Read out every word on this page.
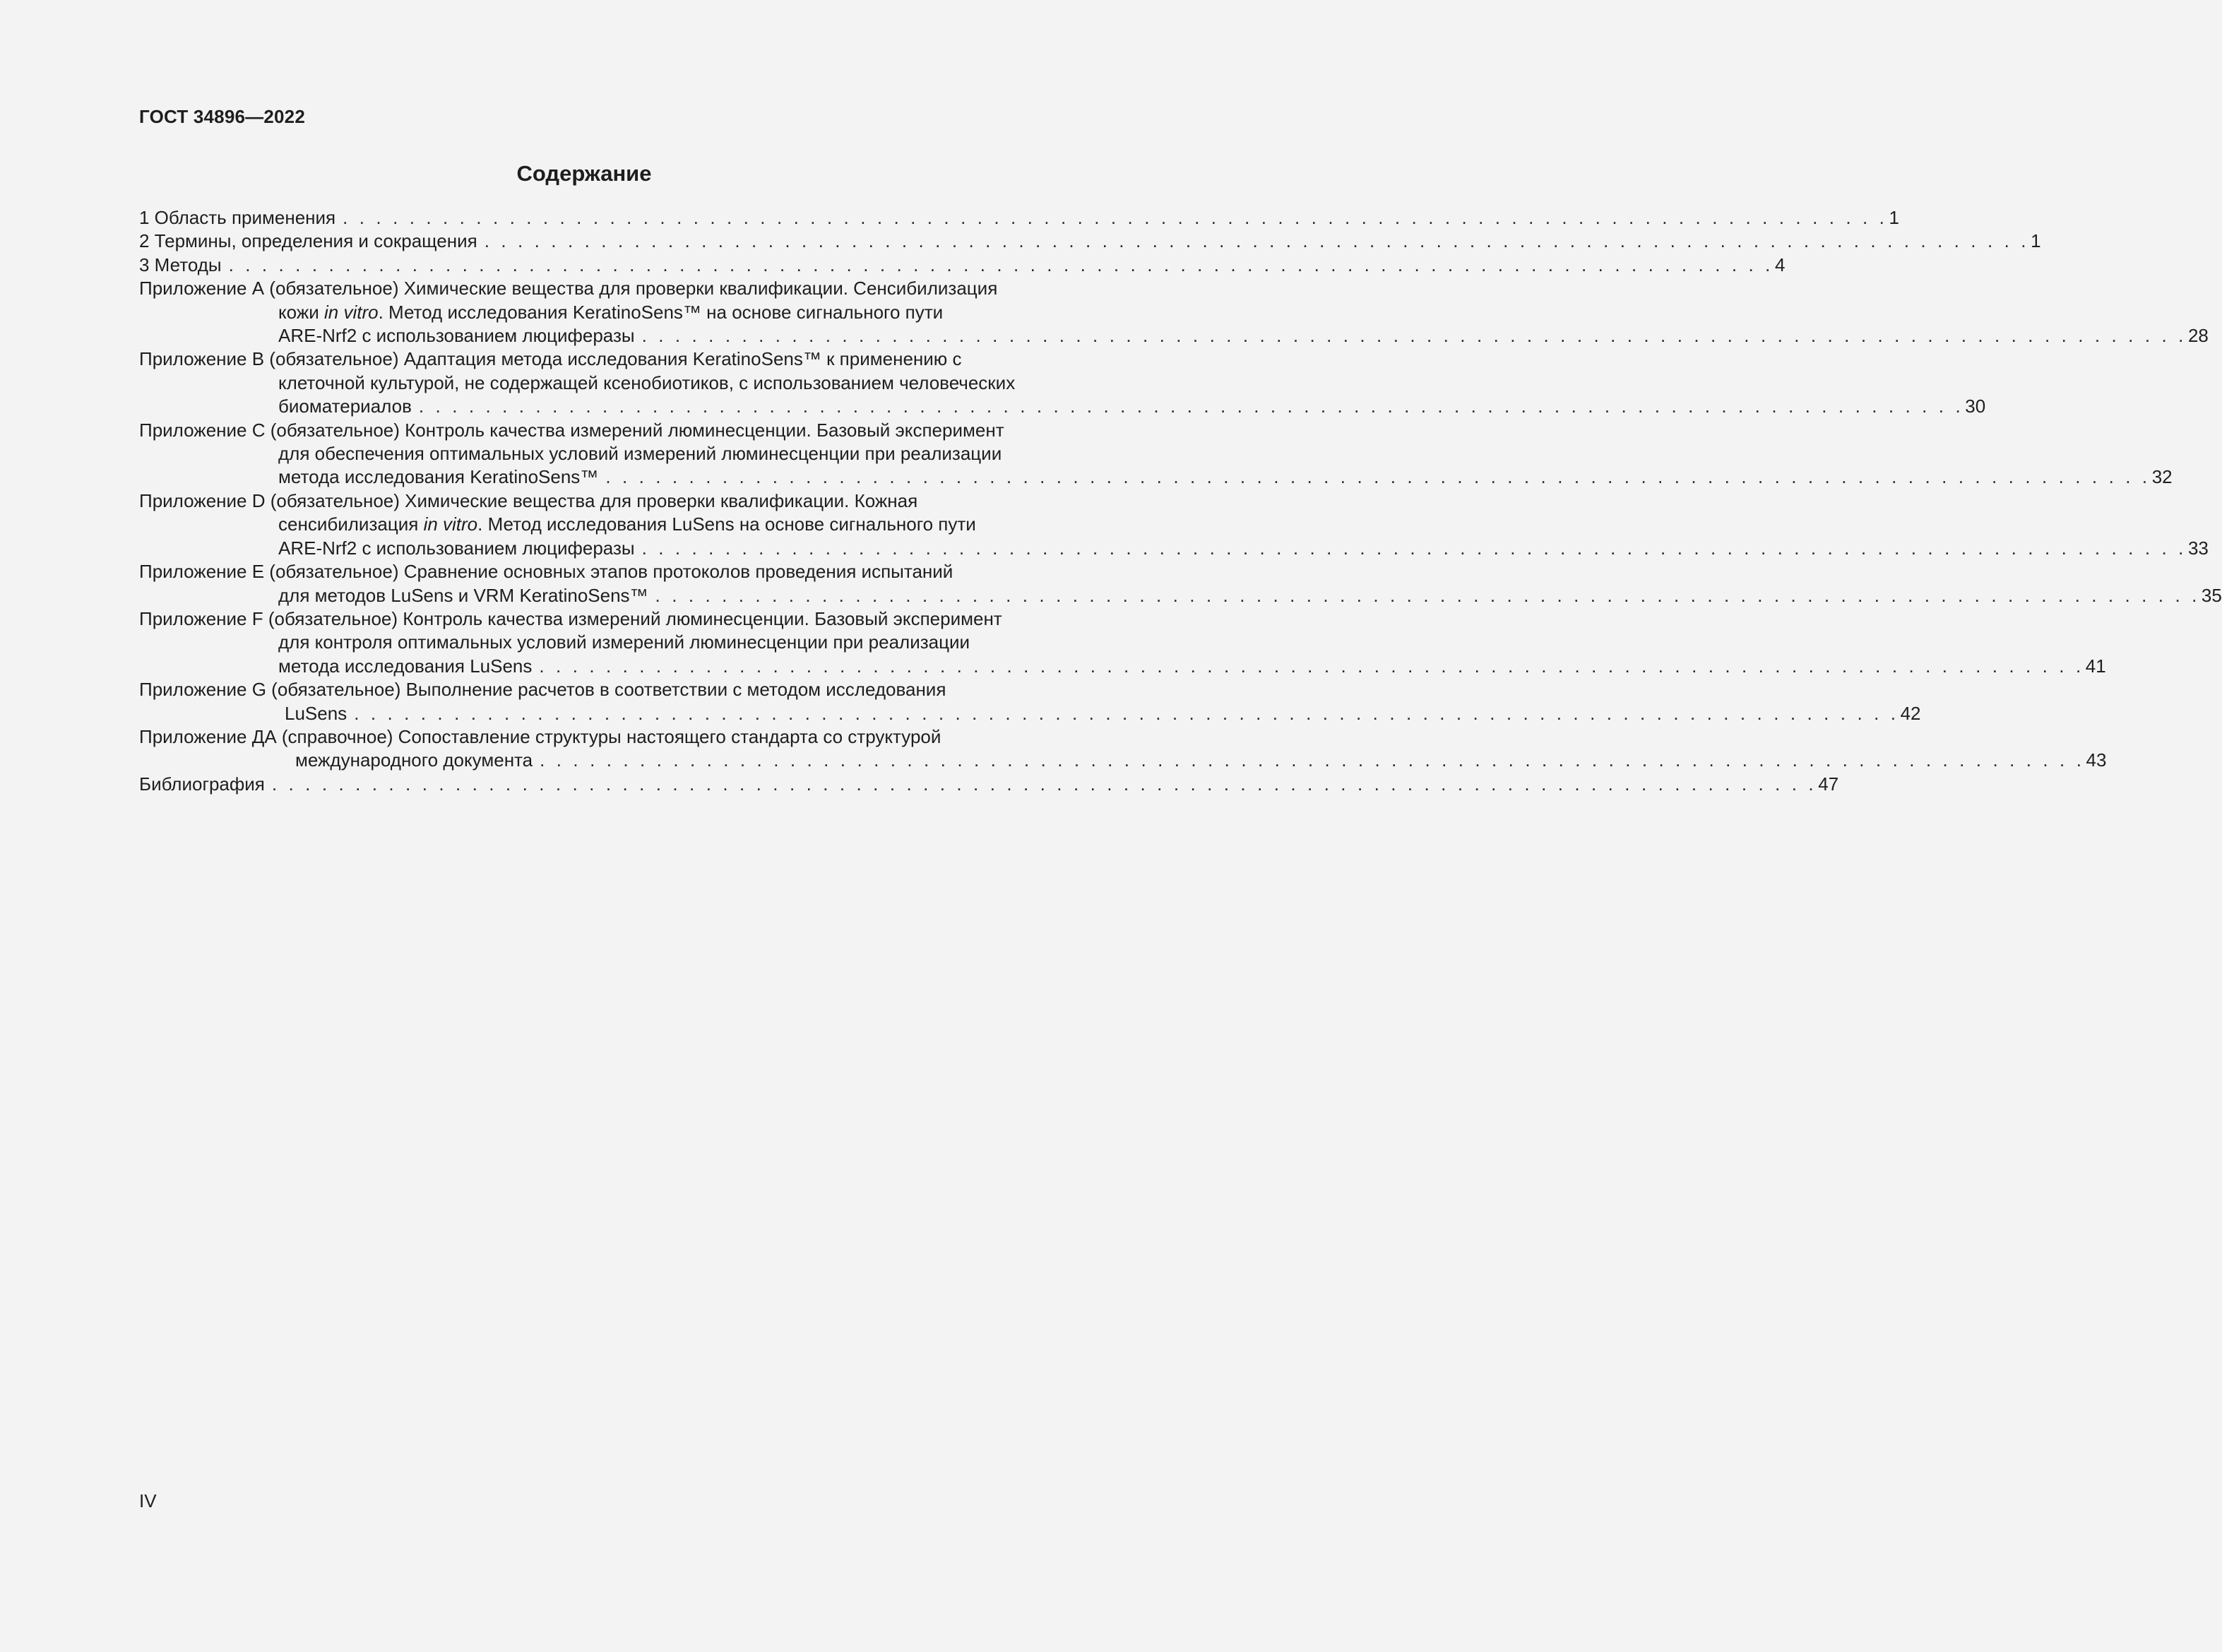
ГОСТ 34896—2022
Содержание
1 Область применения . . . . . . . . . . . . . . . . . . . . . . . . . . . . . . . . . . . . . . . . . . . . . . . . . . . . . . . . . . . . . . . . . . . . . . . . . . . . . . . . . . . . . . . . . . . . . 1
2 Термины, определения и сокращения . . . . . . . . . . . . . . . . . . . . . . . . . . . . . . . . . . . . . . . . . . . . . . . . . . . . . . . . . . . . . . . . . . . . . . . . . . . . . . . . . . . . . . . . . . . . . 1
3 Методы . . . . . . . . . . . . . . . . . . . . . . . . . . . . . . . . . . . . . . . . . . . . . . . . . . . . . . . . . . . . . . . . . . . . . . . . . . . . . . . . . . . . . . . . . . . . . 4
Приложение А (обязательное) Химические вещества для проверки квалификации. Сенсибилизация
кожи in vitro. Метод исследования KeratinoSens™ на основе сигнального пути
ARE-Nrf2 с использованием люциферазы . . . . . . . . . . . . . . . . . . . . . . . . . . . . . . . . . . . . . . . . . . . . . . . . . . . . . . . . . . . . . . . . . . . . . . . . . . . . . . . . . . . . . . . . . . . . . 28
Приложение В (обязательное) Адаптация метода исследования KeratinoSens™ к применению с
клеточной культурой, не содержащей ксенобиотиков, с использованием человеческих
биоматериалов . . . . . . . . . . . . . . . . . . . . . . . . . . . . . . . . . . . . . . . . . . . . . . . . . . . . . . . . . . . . . . . . . . . . . . . . . . . . . . . . . . . . . . . . . . . . . 30
Приложение С (обязательное) Контроль качества измерений люминесценции. Базовый эксперимент
для обеспечения оптимальных условий измерений люминесценции при реализации
метода исследования KeratinoSens™ . . . . . . . . . . . . . . . . . . . . . . . . . . . . . . . . . . . . . . . . . . . . . . . . . . . . . . . . . . . . . . . . . . . . . . . . . . . . . . . . . . . . . . . . . . . . . 32
Приложение D (обязательное) Химические вещества для проверки квалификации. Кожная
сенсибилизация in vitro. Метод исследования LuSens на основе сигнального пути
ARE-Nrf2 с использованием люциферазы . . . . . . . . . . . . . . . . . . . . . . . . . . . . . . . . . . . . . . . . . . . . . . . . . . . . . . . . . . . . . . . . . . . . . . . . . . . . . . . . . . . . . . . . . . . . . 33
Приложение Е (обязательное) Сравнение основных этапов протоколов проведения испытаний
для методов LuSens и VRM KeratinoSens™ . . . . . . . . . . . . . . . . . . . . . . . . . . . . . . . . . . . . . . . . . . . . . . . . . . . . . . . . . . . . . . . . . . . . . . . . . . . . . . . . . . . . . . . . . . . . . 35
Приложение F (обязательное) Контроль качества измерений люминесценции. Базовый эксперимент
для контроля оптимальных условий измерений люминесценции при реализации
метода исследования LuSens . . . . . . . . . . . . . . . . . . . . . . . . . . . . . . . . . . . . . . . . . . . . . . . . . . . . . . . . . . . . . . . . . . . . . . . . . . . . . . . . . . . . . . . . . . . . . 41
Приложение G (обязательное) Выполнение расчетов в соответствии с методом исследования
LuSens . . . . . . . . . . . . . . . . . . . . . . . . . . . . . . . . . . . . . . . . . . . . . . . . . . . . . . . . . . . . . . . . . . . . . . . . . . . . . . . . . . . . . . . . . . . . . 42
Приложение ДА (справочное) Сопоставление структуры настоящего стандарта со структурой
международного документа . . . . . . . . . . . . . . . . . . . . . . . . . . . . . . . . . . . . . . . . . . . . . . . . . . . . . . . . . . . . . . . . . . . . . . . . . . . . . . . . . . . . . . . . . . . . . 43
Библиография . . . . . . . . . . . . . . . . . . . . . . . . . . . . . . . . . . . . . . . . . . . . . . . . . . . . . . . . . . . . . . . . . . . . . . . . . . . . . . . . . . . . . . . . . . . . . 47
IV
